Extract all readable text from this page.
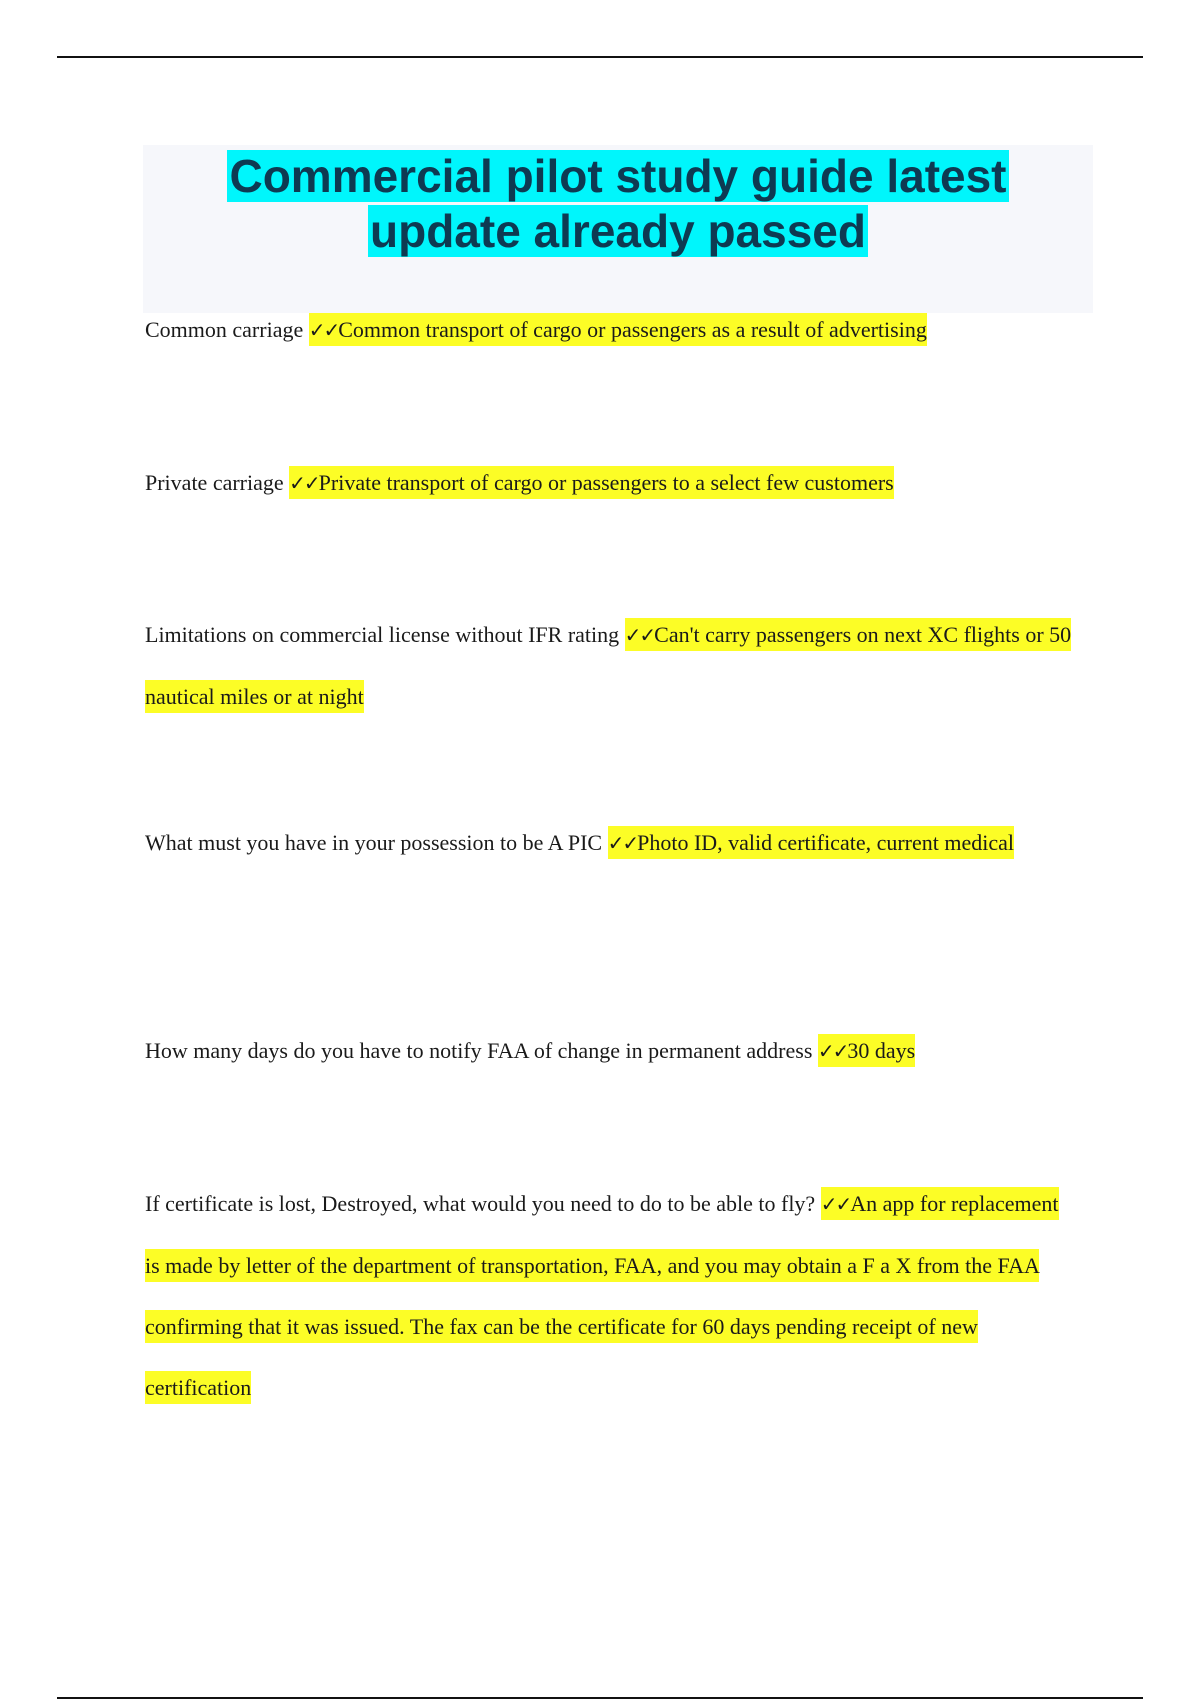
Commercial pilot study guide latest
update already passed

Common carriage ✓✓Common transport of cargo or passengers as a result of advertising

Private carriage ✓✓Private transport of cargo or passengers to a select few customers

Limitations on commercial license without IFR rating ✓✓Can't carry passengers on next XC flights or 50 nautical miles or at night

What must you have in your possession to be A PIC ✓✓Photo ID, valid certificate, current medical

How many days do you have to notify FAA of change in permanent address ✓✓30 days

If certificate is lost, Destroyed, what would you need to do to be able to fly? ✓✓An app for replacement is made by letter of the department of transportation, FAA, and you may obtain a F a X from the FAA confirming that it was issued. The fax can be the certificate for 60 days pending receipt of new certification
